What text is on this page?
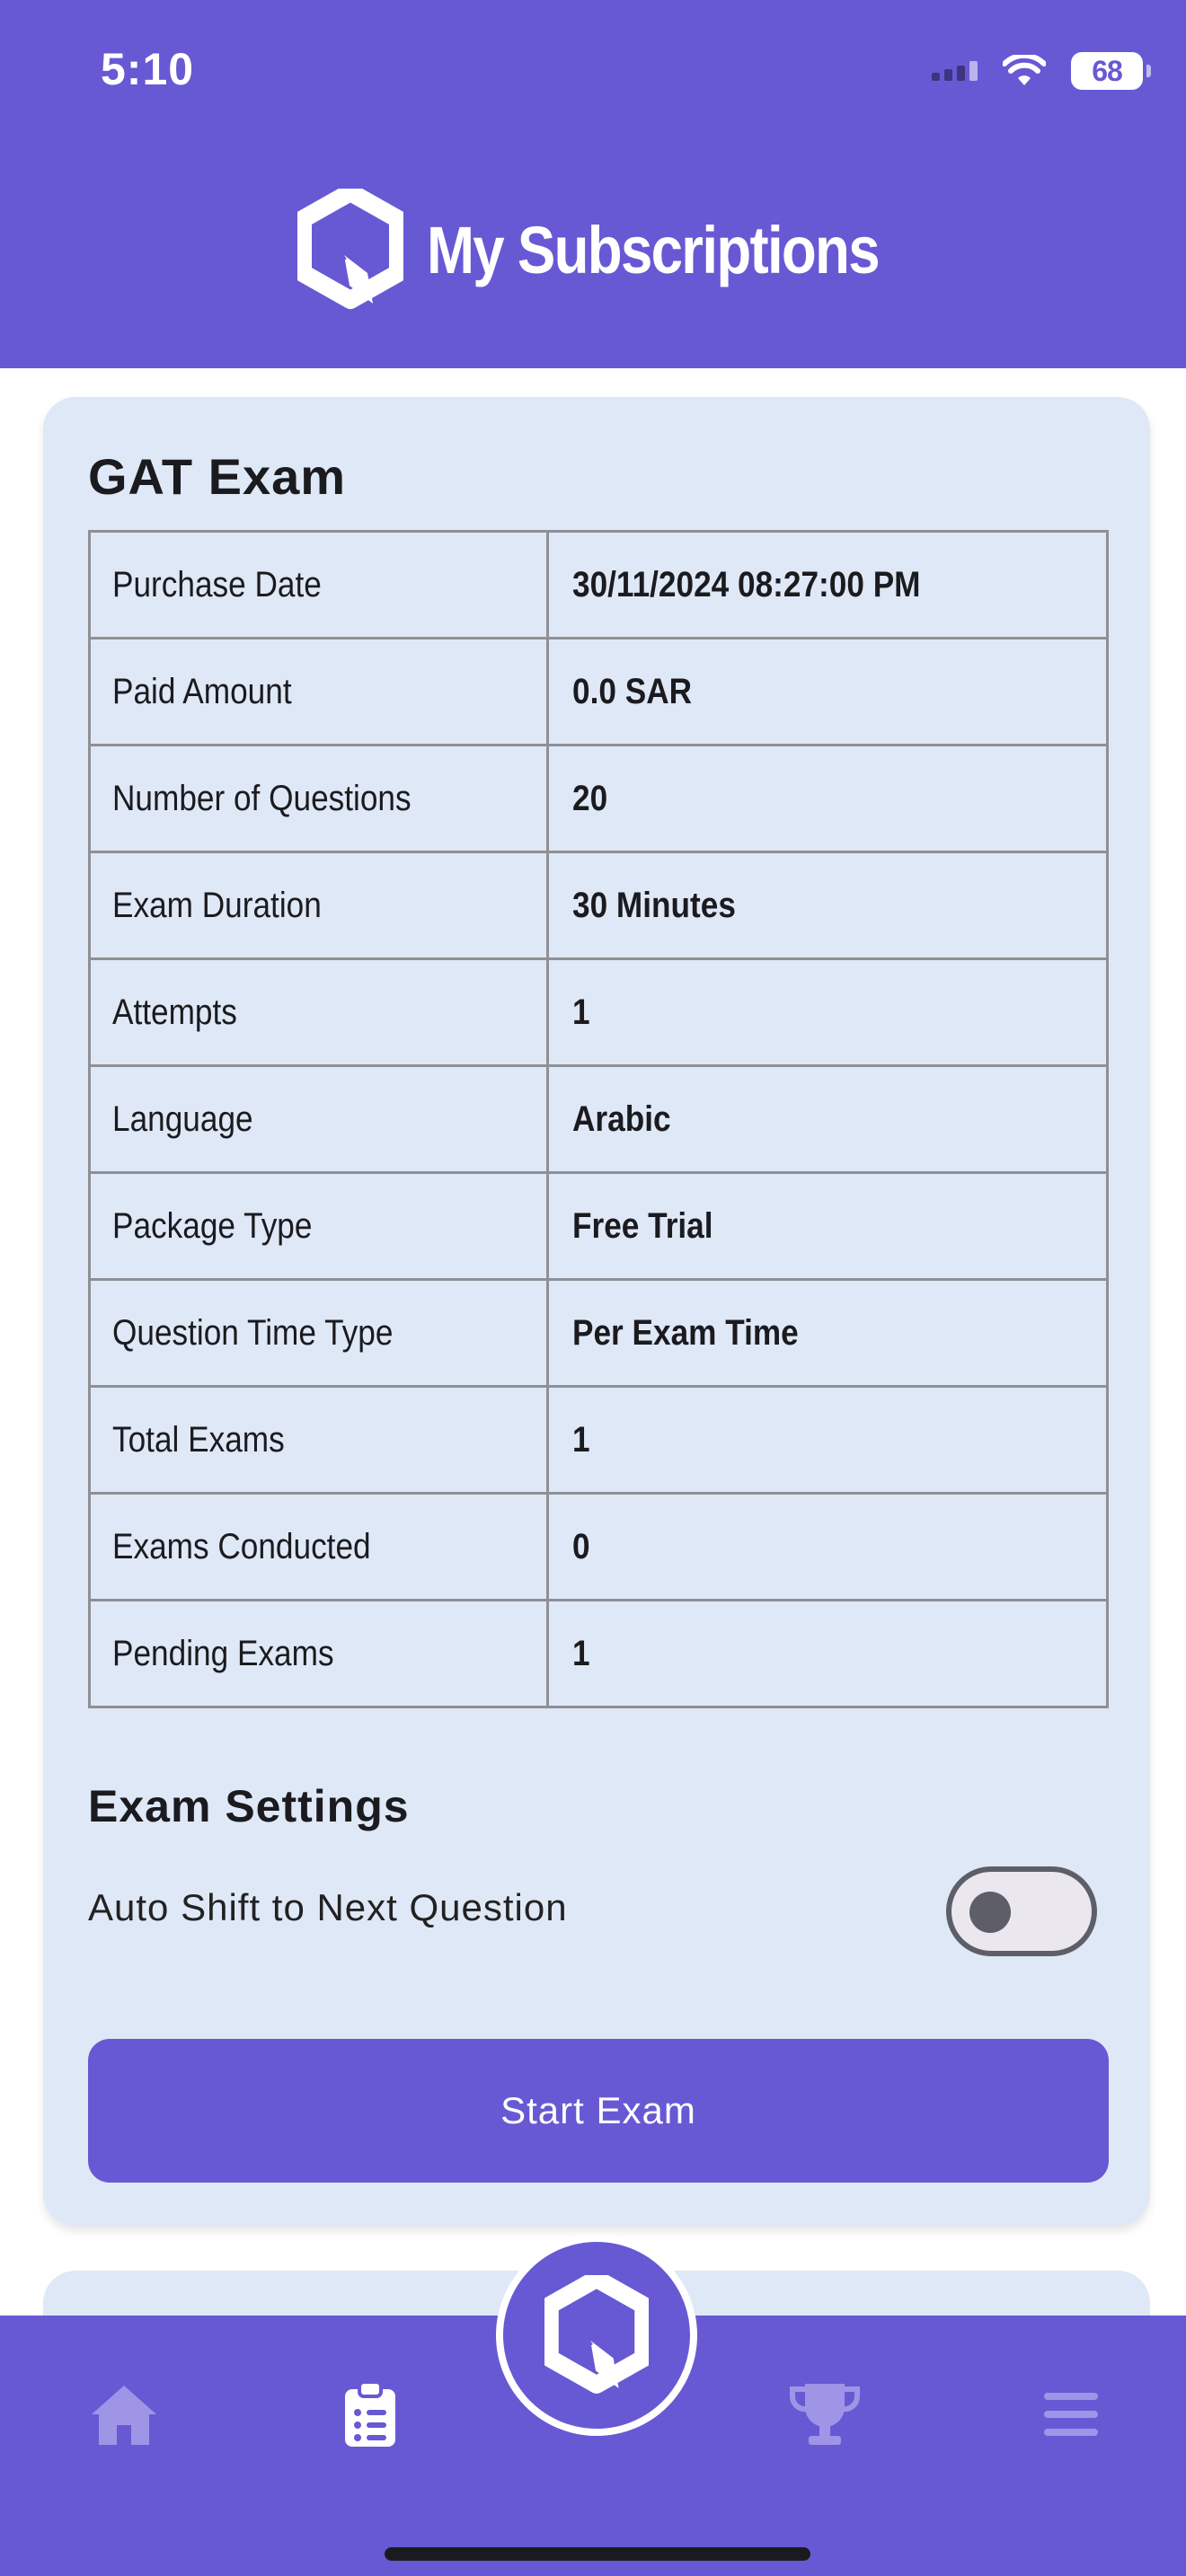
5:10	68
My Subscriptions
GAT Exam
Purchase Date	30/11/2024 08:27:00 PM
Paid Amount	0.0 SAR
Number of Questions	20
Exam Duration	30 Minutes
Attempts	1
Language	Arabic
Package Type	Free Trial
Question Time Type	Per Exam Time
Total Exams	1
Exams Conducted	0
Pending Exams	1
Exam Settings
Auto Shift to Next Question
Start Exam
